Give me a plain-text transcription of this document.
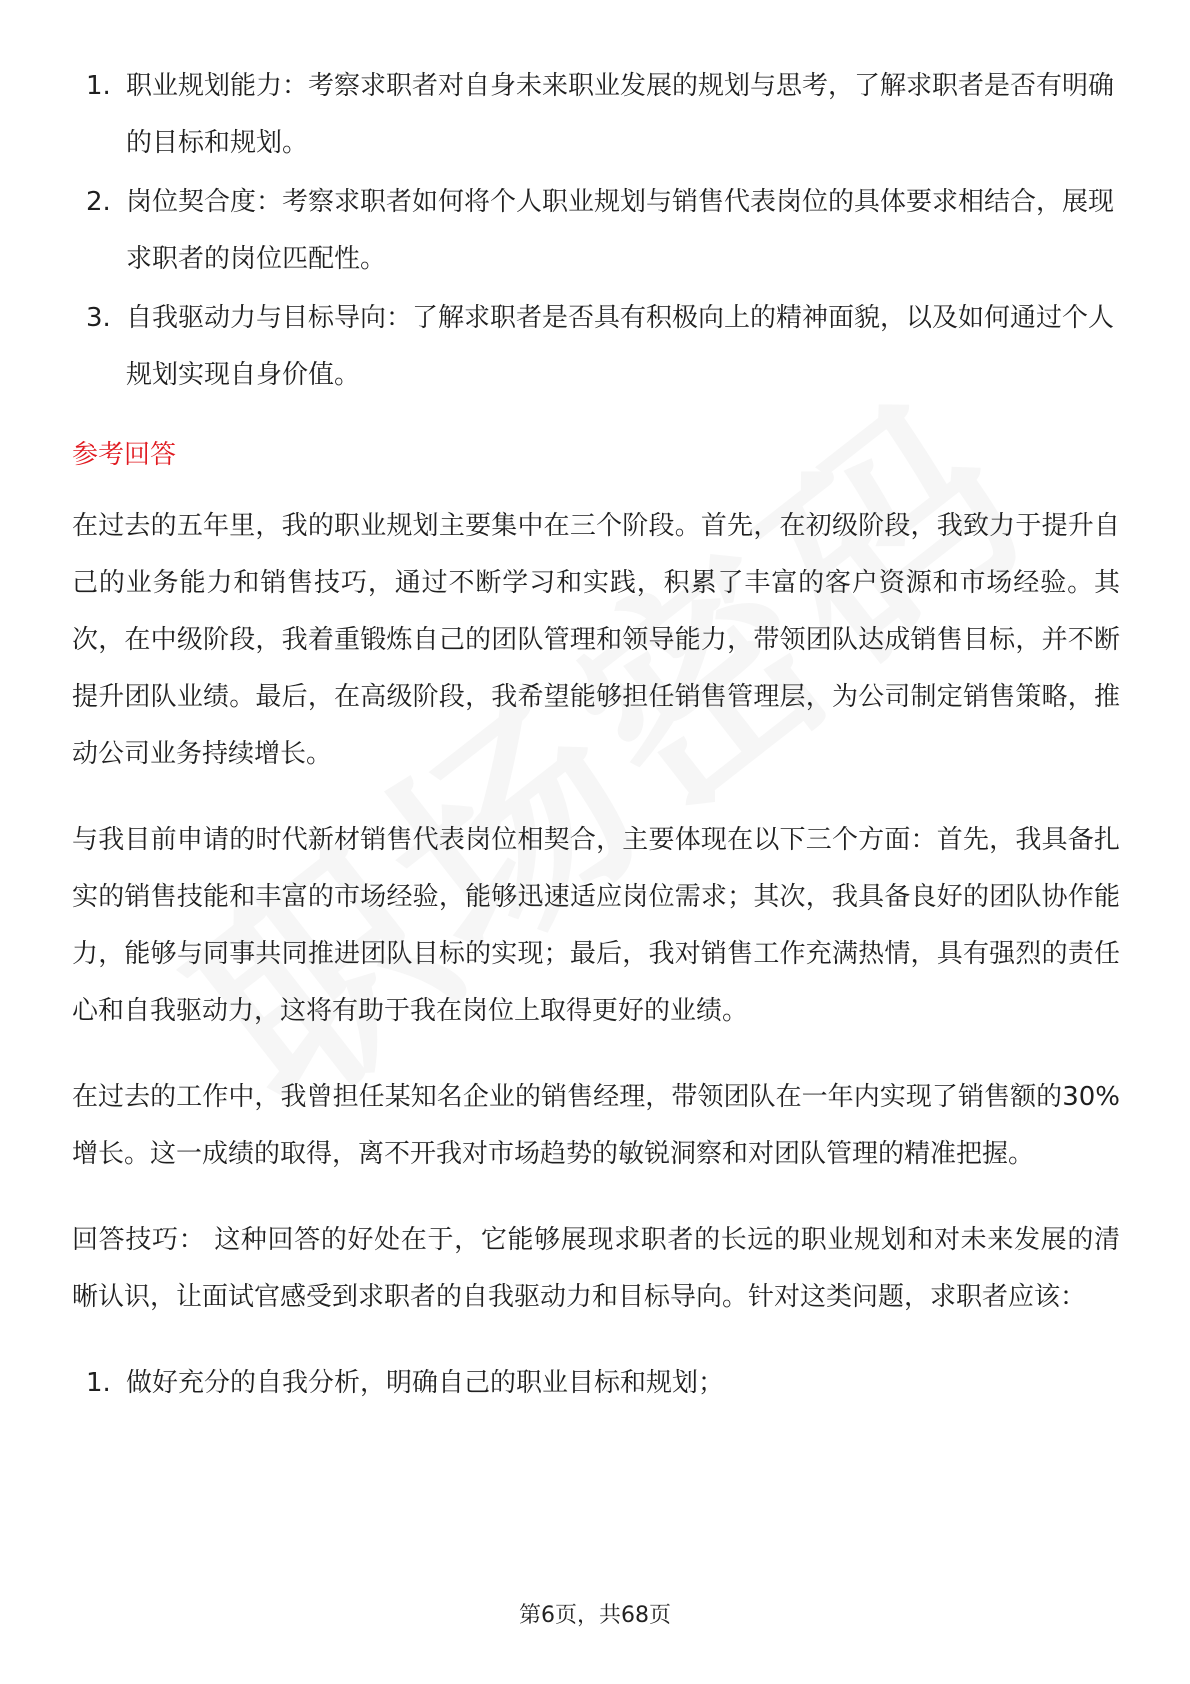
1. 职业规划能力：考察求职者对自身未来职业发展的规划与思考，了解求职者是否有明确的目标和规划。
2. 岗位契合度：考察求职者如何将个人职业规划与销售代表岗位的具体要求相结合，展现求职者的岗位匹配性。
3. 自我驱动力与目标导向：了解求职者是否具有积极向上的精神面貌，以及如何通过个人规划实现自身价值。
参考回答

在过去的五年里，我的职业规划主要集中在三个阶段。首先，在初级阶段，我致力于提升自己的业务能力和销售技巧，通过不断学习和实践，积累了丰富的客户资源和市场经验。其次，在中级阶段，我着重锻炼自己的团队管理和领导能力，带领团队达成销售目标，并不断提升团队业绩。最后，在高级阶段，我希望能够担任销售管理层，为公司制定销售策略，推动公司业务持续增长。

与我目前申请的时代新材销售代表岗位相契合，主要体现在以下三个方面：首先，我具备扎实的销售技能和丰富的市场经验，能够迅速适应岗位需求；其次，我具备良好的团队协作能力，能够与同事共同推进团队目标的实现；最后，我对销售工作充满热情，具有强烈的责任心和自我驱动力，这将有助于我在岗位上取得更好的业绩。

在过去的工作中，我曾担任某知名企业的销售经理，带领团队在一年内实现了销售额的30%增长。这一成绩的取得，离不开我对市场趋势的敏锐洞察和对团队管理的精准把握。

回答技巧： 这种回答的好处在于，它能够展现求职者的长远的职业规划和对未来发展的清晰认识，让面试官感受到求职者的自我驱动力和目标导向。针对这类问题，求职者应该：

1. 做好充分的自我分析，明确自己的职业目标和规划；
第6页，共68页
